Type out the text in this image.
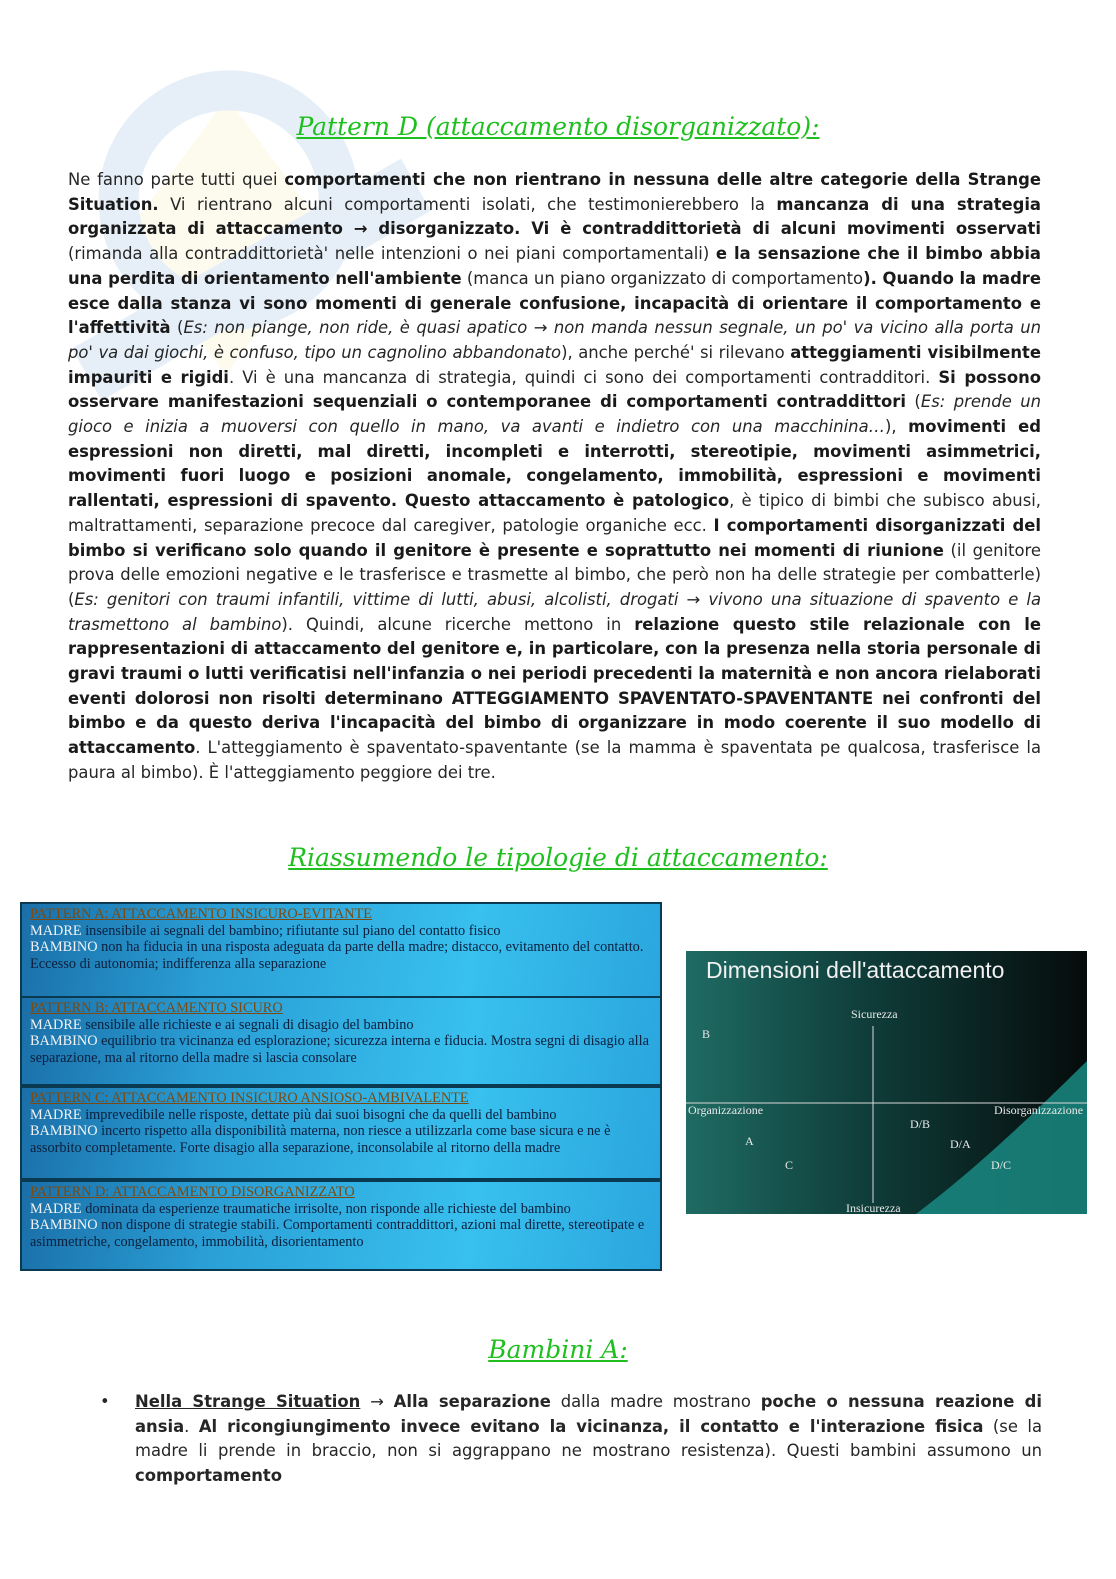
Pattern D (attaccamento disorganizzato):
Ne fanno parte tutti quei comportamenti che non rientrano in nessuna delle altre categorie della Strange Situation. Vi rientrano alcuni comportamenti isolati, che testimonierebbero la mancanza di una strategia organizzata di attaccamento → disorganizzato. Vi è contraddittorietà di alcuni movimenti osservati (rimanda alla contraddittorietà' nelle intenzioni o nei piani comportamentali) e la sensazione che il bimbo abbia una perdita di orientamento nell'ambiente (manca un piano organizzato di comportamento). Quando la madre esce dalla stanza vi sono momenti di generale confusione, incapacità di orientare il comportamento e l'affettività (Es: non piange, non ride, è quasi apatico → non manda nessun segnale, un po' va vicino alla porta un po' va dai giochi, è confuso, tipo un cagnolino abbandonato), anche perché' si rilevano atteggiamenti visibilmente impauriti e rigidi. Vi è una mancanza di strategia, quindi ci sono dei comportamenti contradditori. Si possono osservare manifestazioni sequenziali o contemporanee di comportamenti contraddittori (Es: prende un gioco e inizia a muoversi con quello in mano, va avanti e indietro con una macchinina…), movimenti ed espressioni non diretti, mal diretti, incompleti e interrotti, stereotipie, movimenti asimmetrici, movimenti fuori luogo e posizioni anomale, congelamento, immobilità, espressioni e movimenti rallentati, espressioni di spavento. Questo attaccamento è patologico, è tipico di bimbi che subisco abusi, maltrattamenti, separazione precoce dal caregiver, patologie organiche ecc. I comportamenti disorganizzati del bimbo si verificano solo quando il genitore è presente e soprattutto nei momenti di riunione (il genitore prova delle emozioni negative e le trasferisce e trasmette al bimbo, che però non ha delle strategie per combatterle) (Es: genitori con traumi infantili, vittime di lutti, abusi, alcolisti, drogati → vivono una situazione di spavento e la trasmettono al bambino). Quindi, alcune ricerche mettono in relazione questo stile relazionale con le rappresentazioni di attaccamento del genitore e, in particolare, con la presenza nella storia personale di gravi traumi o lutti verificatisi nell'infanzia o nei periodi precedenti la maternità e non ancora rielaborati eventi dolorosi non risolti determinano ATTEGGIAMENTO SPAVENTATO-SPAVENTANTE nei confronti del bimbo e da questo deriva l'incapacità del bimbo di organizzare in modo coerente il suo modello di attaccamento. L'atteggiamento è spaventato-spaventante (se la mamma è spaventata pe qualcosa, trasferisce la paura al bimbo). È l'atteggiamento peggiore dei tre.
Riassumendo le tipologie di attaccamento:
PATTERN A: ATTACCAMENTO INSICURO-EVITANTE
MADRE insensibile ai segnali del bambino; rifiutante sul piano del contatto fisico
BAMBINO non ha fiducia in una risposta adeguata da parte della madre; distacco, evitamento del contatto. Eccesso di autonomia; indifferenza alla separazione
PATTERN B: ATTACCAMENTO SICURO
MADRE sensibile alle richieste e ai segnali di disagio del bambino
BAMBINO equilibrio tra vicinanza ed esplorazione; sicurezza interna e fiducia. Mostra segni di disagio alla separazione, ma al ritorno della madre si lascia consolare
PATTERN C: ATTACCAMENTO INSICURO ANSIOSO-AMBIVALENTE
MADRE imprevedibile nelle risposte, dettate più dai suoi bisogni che da quelli del bambino
BAMBINO incerto rispetto alla disponibilità materna, non riesce a utilizzarla come base sicura e ne è assorbito completamente. Forte disagio alla separazione, inconsolabile al ritorno della madre
PATTERN D: ATTACCAMENTO DISORGANIZZATO
MADRE dominata da esperienze traumatiche irrisolte, non risponde alle richieste del bambino
BAMBINO non dispone di strategie stabili. Comportamenti contraddittori, azioni mal dirette, stereotipate e asimmetriche, congelamento, immobilità, disorientamento
Dimensioni dell'attaccamento
Sicurezza
Insicurezza
Organizzazione	Disorganizzazione
B
A
C
D/B
D/A
D/C
Bambini A:
• Nella Strange Situation → Alla separazione dalla madre mostrano poche o nessuna reazione di ansia. Al ricongiungimento invece evitano la vicinanza, il contatto e l'interazione fisica (se la madre li prende in braccio, non si aggrappano ne mostrano resistenza). Questi bambini assumono un comportamento
